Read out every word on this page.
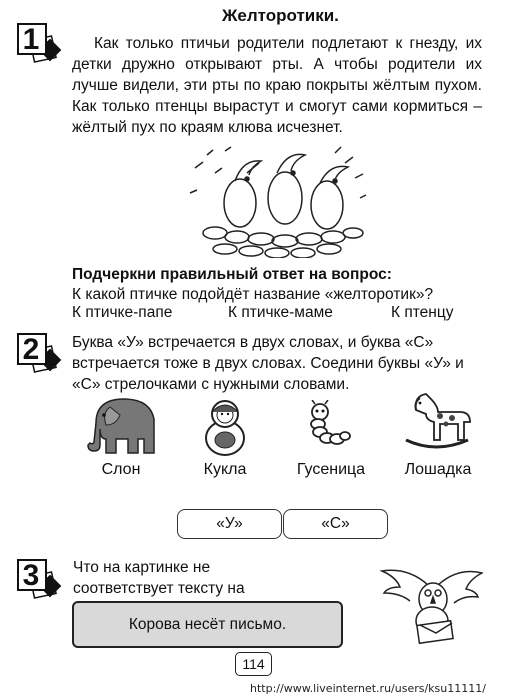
1
Желторотики.

Как только птичьи родители подлетают к гнезду, их детки дружно открывают рты. А чтобы родители их лучше видели, эти рты по краю покрыты жёлтым пухом. Как только птенцы вырастут и смогут сами кормиться – жёлтый пух по краям клюва исчезнет.

Подчеркни правильный ответ на вопрос:
К какой птичке подойдёт название «желторотик»?
К птичке-папе	К птичке-маме	К птенцу
2	Буква «У» встречается в двух словах, и буква «С» встречается тоже в двух словах. Соедини буквы «У» и «С» стрелочками с нужными словами.

Слон	Кукла	Гусеница	Лошадка
«У»	«С»
3	Что на картинке не соответствует тексту на

Корова несёт письмо.
114
http://www.liveinternet.ru/users/ksu11111/
